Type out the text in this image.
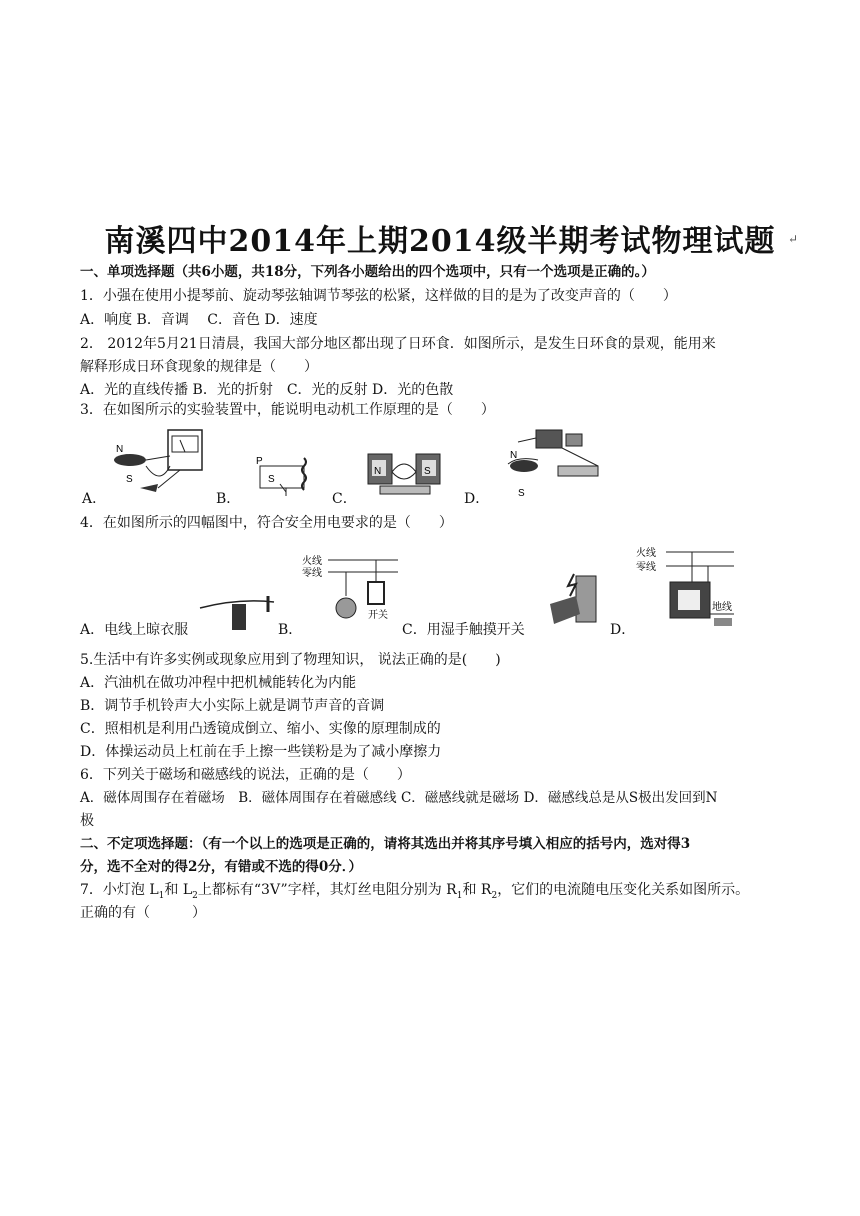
南溪四中2014年上期2014级半期考试物理试题	↵
一、单项选择题（共6小题，共18分，下列各小题给出的四个选项中，只有一个选项是正确的。）
1．小强在使用小提琴前、旋动琴弦轴调节琴弦的松紧，这样做的目的是为了改变声音的（　　）
A．响度 B．音调　 C．音色 D．速度
2． 2012年5月21日清晨，我国大部分地区都出现了日环食．如图所示，是发生日环食的景观，能用来
解释形成日环食现象的规律是（　　）
A．光的直线传播 B．光的折射　C．光的反射 D．光的色散
3．在如图所示的实验装置中，能说明电动机工作原理的是（　　）
A．
N
S
B．
P
S
C．
N	S
D．
N
S
4．在如图所示的四幅图中，符合安全用电要求的是（　　）
A．电线上晾衣服	B．
火线
零线
开关
C．用湿手触摸开关	D．
火线
零线
地线
5.生活中有许多实例或现象应用到了物理知识， 说法正确的是(　　)
A．汽油机在做功冲程中把机械能转化为内能
B．调节手机铃声大小实际上就是调节声音的音调
C．照相机是利用凸透镜成倒立、缩小、实像的原理制成的
D．体操运动员上杠前在手上擦一些镁粉是为了减小摩擦力
6．下列关于磁场和磁感线的说法，正确的是（　　）
A．磁体周围存在着磁场　B．磁体周围存在着磁感线 C．磁感线就是磁场 D．磁感线总是从S极出发回到N
极
二、不定项选择题：（有一个以上的选项是正确的，请将其选出并将其序号填入相应的括号内，选对得3
分，选不全对的得2分，有错或不选的得0分．）
7．小灯泡 $L_1$和 $L_2$上都标有“3V”字样，其灯丝电阻分别为 $R_1$和 $R_2$，它们的电流随电压变化关系如图所示。
正确的有（　　　）
